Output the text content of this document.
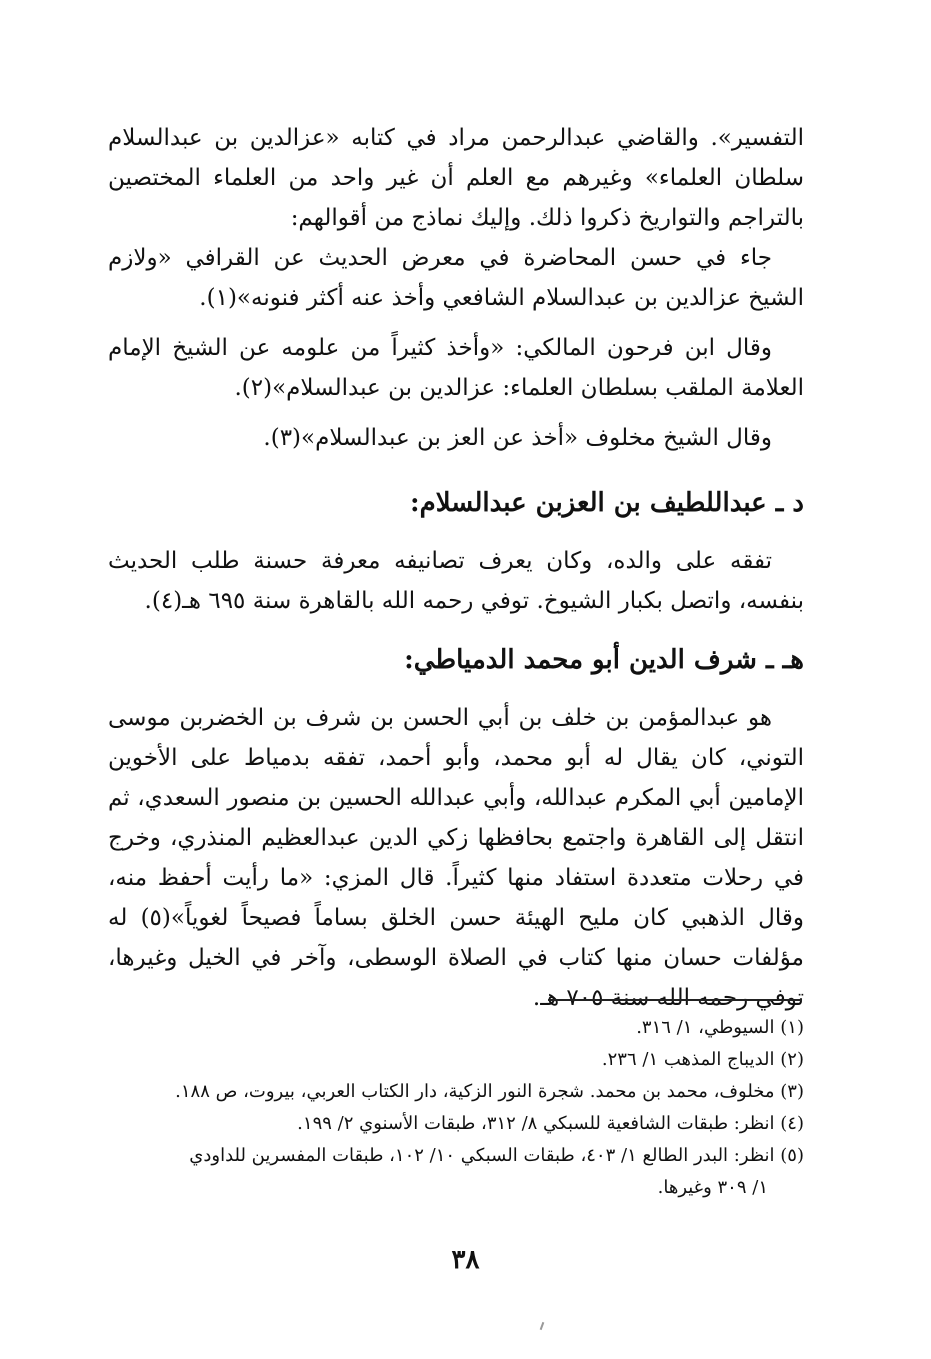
التفسير». والقاضي عبدالرحمن مراد في كتابه «عزالدين بن عبدالسلام سلطان العلماء» وغيرهم مع العلم أن غير واحد من العلماء المختصين بالتراجم والتواريخ ذكروا ذلك. وإليك نماذج من أقوالهم:

جاء في حسن المحاضرة في معرض الحديث عن القرافي «ولازم الشيخ عزالدين بن عبدالسلام الشافعي وأخذ عنه أكثر فنونه»(١).

وقال ابن فرحون المالكي: «وأخذ كثيراً من علومه عن الشيخ الإمام العلامة الملقب بسلطان العلماء: عزالدين بن عبدالسلام»(٢).

وقال الشيخ مخلوف «أخذ عن العز بن عبدالسلام»(٣).

د ـ عبداللطيف بن العزبن عبدالسلام:

تفقه على والده، وكان يعرف تصانيفه معرفة حسنة طلب الحديث بنفسه، واتصل بكبار الشيوخ. توفي رحمه الله بالقاهرة سنة ٦٩٥ هـ(٤).

هـ ـ شرف الدين أبو محمد الدمياطي:

هو عبدالمؤمن بن خلف بن أبي الحسن بن شرف بن الخضربن موسى التوني، كان يقال له أبو محمد، وأبو أحمد، تفقه بدمياط على الأخوين الإمامين أبي المكرم عبدالله، وأبي عبدالله الحسين بن منصور السعدي، ثم انتقل إلى القاهرة واجتمع بحافظها زكي الدين عبدالعظيم المنذري، وخرج في رحلات متعددة استفاد منها كثيراً. قال المزي: «ما رأيت أحفظ منه، وقال الذهبي كان مليح الهيئة حسن الخلق بساماً فصيحاً لغوياً»(٥) له مؤلفات حسان منها كتاب في الصلاة الوسطى، وآخر في الخيل وغيرها، توفي رحمه الله سنة ٧٠٥ هـ.

(١) السيوطي، ١/ ٣١٦.

(٢) الديباج المذهب ١/ ٢٣٦.

(٣) مخلوف، محمد بن محمد. شجرة النور الزكية، دار الكتاب العربي، بيروت، ص ١٨٨.

(٤) انظر: طبقات الشافعية للسبكي ٨/ ٣١٢، طبقات الأسنوي ٢/ ١٩٩.

(٥) انظر: البدر الطالع ١/ ٤٠٣، طبقات السبكي ١٠/ ١٠٢، طبقات المفسرين للداودي

١/ ٣٠٩ وغيرها.

٣٨
